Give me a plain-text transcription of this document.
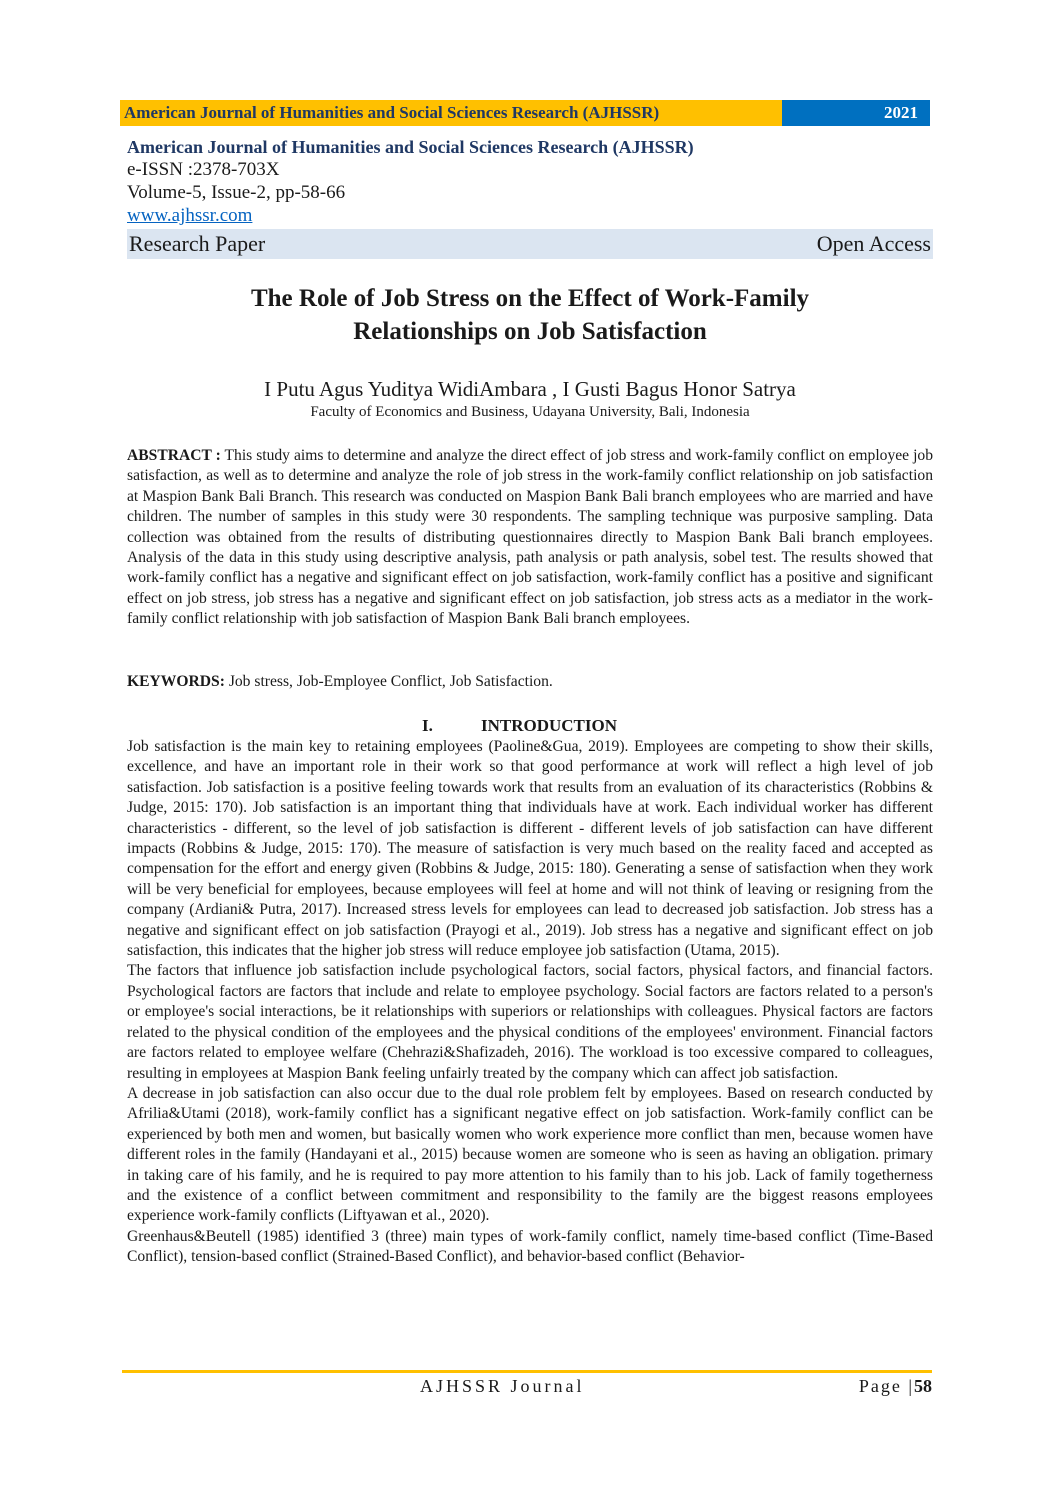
American Journal of Humanities and Social Sciences Research (AJHSSR)	2021
American Journal of Humanities and Social Sciences Research (AJHSSR)
e-ISSN :2378-703X
Volume-5, Issue-2, pp-58-66
www.ajhssr.com
Research Paper	Open Access
The Role of Job Stress on the Effect of Work-Family
Relationships on Job Satisfaction
I Putu Agus Yuditya WidiAmbara , I Gusti Bagus Honor Satrya
Faculty of Economics and Business, Udayana University, Bali, Indonesia
ABSTRACT : This study aims to determine and analyze the direct effect of job stress and work-family conflict on employee job satisfaction, as well as to determine and analyze the role of job stress in the work-family conflict relationship on job satisfaction at Maspion Bank Bali Branch. This research was conducted on Maspion Bank Bali branch employees who are married and have children. The number of samples in this study were 30 respondents. The sampling technique was purposive sampling. Data collection was obtained from the results of distributing questionnaires directly to Maspion Bank Bali branch employees. Analysis of the data in this study using descriptive analysis, path analysis or path analysis, sobel test. The results showed that work-family conflict has a negative and significant effect on job satisfaction, work-family conflict has a positive and significant effect on job stress, job stress has a negative and significant effect on job satisfaction, job stress acts as a mediator in the work-family conflict relationship with job satisfaction of Maspion Bank Bali branch employees.
KEYWORDS: Job stress, Job-Employee Conflict, Job Satisfaction.
I.	INTRODUCTION

Job satisfaction is the main key to retaining employees (Paoline&Gua, 2019). Employees are competing to show their skills, excellence, and have an important role in their work so that good performance at work will reflect a high level of job satisfaction. Job satisfaction is a positive feeling towards work that results from an evaluation of its characteristics (Robbins & Judge, 2015: 170). Job satisfaction is an important thing that individuals have at work. Each individual worker has different characteristics - different, so the level of job satisfaction is different - different levels of job satisfaction can have different impacts (Robbins & Judge, 2015: 170). The measure of satisfaction is very much based on the reality faced and accepted as compensation for the effort and energy given (Robbins & Judge, 2015: 180). Generating a sense of satisfaction when they work will be very beneficial for employees, because employees will feel at home and will not think of leaving or resigning from the company (Ardiani& Putra, 2017). Increased stress levels for employees can lead to decreased job satisfaction. Job stress has a negative and significant effect on job satisfaction (Prayogi et al., 2019). Job stress has a negative and significant effect on job satisfaction, this indicates that the higher job stress will reduce employee job satisfaction (Utama, 2015).

The factors that influence job satisfaction include psychological factors, social factors, physical factors, and financial factors. Psychological factors are factors that include and relate to employee psychology. Social factors are factors related to a person's or employee's social interactions, be it relationships with superiors or relationships with colleagues. Physical factors are factors related to the physical condition of the employees and the physical conditions of the employees' environment. Financial factors are factors related to employee welfare (Chehrazi&Shafizadeh, 2016). The workload is too excessive compared to colleagues, resulting in employees at Maspion Bank feeling unfairly treated by the company which can affect job satisfaction.

A decrease in job satisfaction can also occur due to the dual role problem felt by employees. Based on research conducted by Afrilia&Utami (2018), work-family conflict has a significant negative effect on job satisfaction. Work-family conflict can be experienced by both men and women, but basically women who work experience more conflict than men, because women have different roles in the family (Handayani et al., 2015) because women are someone who is seen as having an obligation. primary in taking care of his family, and he is required to pay more attention to his family than to his job. Lack of family togetherness and the existence of a conflict between commitment and responsibility to the family are the biggest reasons employees experience work-family conflicts (Liftyawan et al., 2020).

Greenhaus&Beutell (1985) identified 3 (three) main types of work-family conflict, namely time-based conflict (Time-Based Conflict), tension-based conflict (Strained-Based Conflict), and behavior-based conflict (Behavior-

AJHSSR Journal	Page |58
